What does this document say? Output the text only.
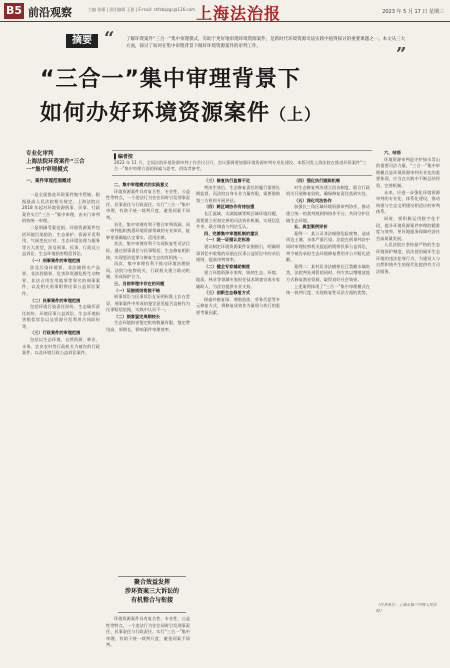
B5 前沿观察	主编 张耀 | 责任编辑 王源 | E-mail: shfzbqzgc@126.com 上海法治报	2023 年 5 月 17 日 星期三
摘要 “	了解环资案件“三合一”集中审理模式，有助于更好地审理环境资源案件，是新时代环境资源司法实践中值得探讨的重要课题之一。本文从三大方面，探讨了如何在集中审理背景下做好环境资源案件的审判工作。	”
“三合一”集中审理背景下
如何办好环境资源案件（上）
专业化审判
上海法院环资案件“三合一”集中审理模式
一、案件审理范围概述
▌编者按
2022 年 11 月，全国法院环境资源审判工作会议召开，会议强调要加强环境资源审判专业化建设。本版刊发上海法院在推进环资案件“三合一”集中审理方面的探索与思考，供读者参考。

一是全面推进环资案件集中管辖。根据最高人民法院相关规定，上海法院自 2018 年起对环境资源刑事、民事、行政案件实行“三合一”集中审理，由专门审判机构统一审理。

二是明确受案范围。环境资源案件包括环境污染防治、生态保护、资源开发利用、气候变化应对、生态环境治理与服务等五大类型，涉及刑事、民事、行政及公益诉讼、生态环境损害赔偿诉讼。

（一）刑事案件的审理范围

涉及污染环境罪、非法捕捞水产品罪、非法狩猎罪、危害珍贵濒危野生动物罪、非法占用农用地罪等罪名的刑事案件，以及相关刑事附带民事公益诉讼案件。

（二）民事案件的审理范围

包括环境污染责任纠纷、生态破坏责任纠纷、环境民事公益诉讼、生态环境损害赔偿诉讼以及资源开发利用合同纠纷等。

（三）行政案件的审理范围

包括以生态环境、自然资源、林业、水务、农业农村等行政机关为被告的行政案件，以及环境行政公益诉讼案件。

二、集中审理模式的实践意义

环境资源案件具有复合性、专业性、公益性等特点，一个违法行为往往同时引发刑事责任、民事责任与行政责任。实行“三合一”集中审理，有助于统一裁判尺度，避免同案不同判。

首先，集中审理有利于整合审判资源。同一审判组织熟悉环境资源领域的专业知识，能够更准确地认定事实、适用法律。

其次，集中审理有利于实现恢复性司法目标。通过刑事责任与民事赔偿、生态修复相衔接，实现惩治犯罪与修复生态的有机统一。

再次，集中审理有利于推动环境治理协同。法院与检察机关、行政机关建立联动机制，形成保护合力。

三、当前审理中存在的问题

（一）证据规则衔接不畅

刑事诉讼与民事诉讼在证明标准上存在差异，刑事案件中形成的鉴定意见能否直接作为民事赔偿依据，实践中认识不一。

（二）损害鉴定周期较长

生态环境损害鉴定机构数量有限，鉴定费用高、周期长，影响案件审理效率。

聚合效益发挥
涉环资案三大诉讼的
有机整合与衔接

环境资源案件具有复合性、专业性、公益性等特点，一个违法行为往往同时引发刑事责任、民事责任与行政责任。实行“三合一”集中审理，有助于统一裁判尺度，避免同案不同判。

（三）修复执行监督不足

判决生效后，生态修复责任的履行需要长期监督，而法院自身专业力量有限，需要借助第三方机构开展评估。

（四）跨区域协作有待加强

长江流域、太湖流域等跨区域环境问题，需要建立更加完善的司法协作机制，实现信息共享、联合调查与判决互认。

四、完善集中审理机制的建议

（一）统一证据认定标准

建议制定环境资源案件证据指引，明确刑事诉讼中收集的证据在民事公益诉讼中的采信规则，提高审判效率。

（二）健全专家辅助制度

建立环境资源专家库，吸纳生态、环境、地质、林业等领域专家担任技术调查官或专家辅助人，为法官提供专业支持。

（三）创新生态修复方式

探索补植复绿、增殖放流、劳务代偿等多元修复方式，将修复成效作为量刑与执行的重要考量因素。

（四）强化执行跟踪机制

对生态修复判决建立回访制度，联合行政机关开展修复验收，确保修复责任落到实处。

（五）深化司法协作

加强长三角区域环境资源审判协作，推动建立统一的裁判规则和协作平台，共同守护区域生态环境。

五、典型案例评析

案例一：某公司非法倾倒危险废物，造成周边土壤、水体严重污染。法院在刑事判决中同时审理检察机关提起的附带民事公益诉讼，判令被告承担生态环境修复费用并公开赔礼道歉。

案例二：某村民非法捕捞长江禁捕水域鱼类，法院判处刑罚的同时，判令其以增殖放流方式修复渔业资源，取得良好社会效果。

上述案例体现了“三合一”集中审理模式在统一裁判尺度、实现恢复性司法方面的优势。

六、结语

环境资源审判是守护绿水青山的重要司法力量。“三合一”集中审理模式是环境资源审判专业化的重要体现，应当在实践中不断总结经验、完善机制。

未来，应进一步强化环境资源审判的专业化、体系化建设，推动构建与生态文明建设相适应的审判体系。

同时，要积极运用数字化手段，提升环境资源案件审理的精准度与效率，更好地服务保障经济社会高质量发展。

人民法院应坚持最严格的生态环境保护制度，依法惩治破坏生态环境的违法犯罪行为，为建设人与自然和谐共生的现代化提供有力司法服务。

（作者单位：上海市第三中级人民法院）
